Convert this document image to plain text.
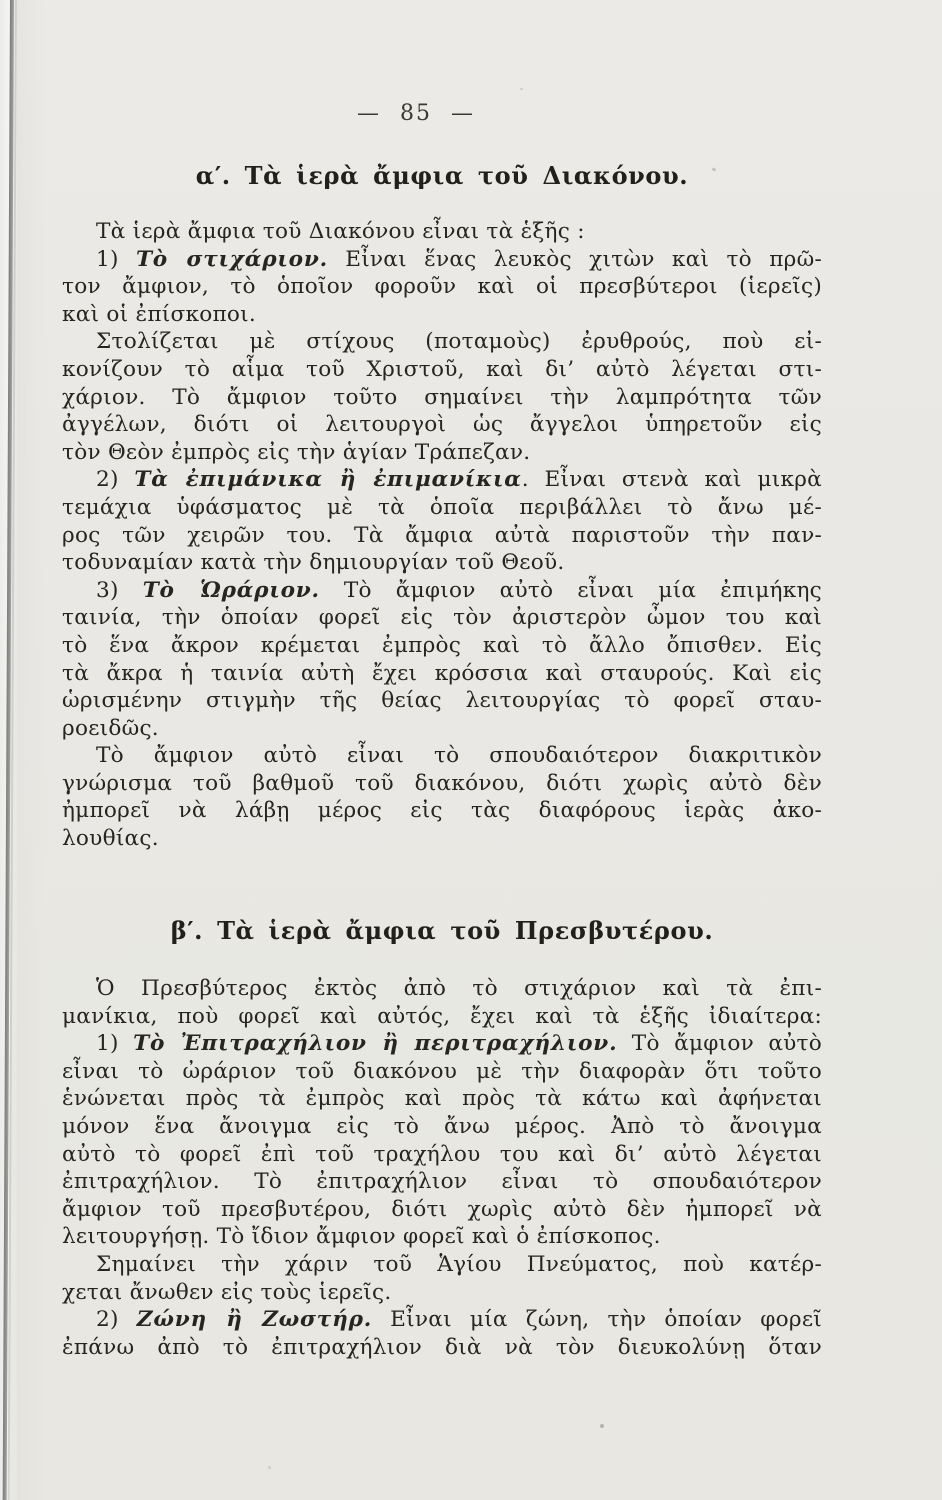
— 85 —
α′. Τὰ ἱερὰ ἄμφια τοῦ Διακόνου.
Τὰ ἱερὰ ἄμφια τοῦ Διακόνου εἶναι τὰ ἑξῆς :
1) Τὸ στιχάριον. Εἶναι ἕνας λευκὸς χιτὼν καὶ τὸ πρῶ-
τον ἄμφιον, τὸ ὁποῖον φοροῦν καὶ οἱ πρεσβύτεροι (ἱερεῖς)
καὶ οἱ ἐπίσκοποι.
Στολίζεται μὲ στίχους (ποταμοὺς) ἐρυθρούς, ποὺ εἰ-
κονίζουν τὸ αἷμα τοῦ Χριστοῦ, καὶ δι’ αὐτὸ λέγεται στι-
χάριον. Τὸ ἄμφιον τοῦτο σημαίνει τὴν λαμπρότητα τῶν
ἀγγέλων, διότι οἱ λειτουργοὶ ὡς ἄγγελοι ὑπηρετοῦν εἰς
τὸν Θεὸν ἐμπρὸς εἰς τὴν ἁγίαν Τράπεζαν.
2) Τὰ ἐπιμάνικα ἢ ἐπιμανίκια. Εἶναι στενὰ καὶ μικρὰ
τεμάχια ὑφάσματος μὲ τὰ ὁποῖα περιβάλλει τὸ ἄνω μέ-
ρος τῶν χειρῶν του. Τὰ ἄμφια αὐτὰ παριστοῦν τὴν παν-
τοδυναμίαν κατὰ τὴν δημιουργίαν τοῦ Θεοῦ.
3) Τὸ Ὡράριον. Τὸ ἄμφιον αὐτὸ εἶναι μία ἐπιμήκης
ταινία, τὴν ὁποίαν φορεῖ εἰς τὸν ἀριστερὸν ὦμον του καὶ
τὸ ἕνα ἄκρον κρέμεται ἐμπρὸς καὶ τὸ ἄλλο ὄπισθεν. Εἰς
τὰ ἄκρα ἡ ταινία αὐτὴ ἔχει κρόσσια καὶ σταυρούς. Καὶ εἰς
ὡρισμένην στιγμὴν τῆς θείας λειτουργίας τὸ φορεῖ σταυ-
ροειδῶς.
Τὸ ἄμφιον αὐτὸ εἶναι τὸ σπουδαιότερον διακριτικὸν
γνώρισμα τοῦ βαθμοῦ τοῦ διακόνου, διότι χωρὶς αὐτὸ δὲν
ἠμπορεῖ νὰ λάβῃ μέρος εἰς τὰς διαφόρους ἱερὰς ἀκο-
λουθίας.
β′. Τὰ ἱερὰ ἄμφια τοῦ Πρεσβυτέρου.
Ὁ Πρεσβύτερος ἐκτὸς ἀπὸ τὸ στιχάριον καὶ τὰ ἐπι-
μανίκια, ποὺ φορεῖ καὶ αὐτός, ἔχει καὶ τὰ ἑξῆς ἰδιαίτερα:
1) Τὸ Ἐπιτραχήλιον ἢ περιτραχήλιον. Τὸ ἄμφιον αὐτὸ
εἶναι τὸ ὠράριον τοῦ διακόνου μὲ τὴν διαφορὰν ὅτι τοῦτο
ἑνώνεται πρὸς τὰ ἐμπρὸς καὶ πρὸς τὰ κάτω καὶ ἀφήνεται
μόνον ἕνα ἄνοιγμα εἰς τὸ ἄνω μέρος. Ἀπὸ τὸ ἄνοιγμα
αὐτὸ τὸ φορεῖ ἐπὶ τοῦ τραχήλου του καὶ δι’ αὐτὸ λέγεται
ἐπιτραχήλιον. Τὸ ἐπιτραχήλιον εἶναι τὸ σπουδαιότερον
ἄμφιον τοῦ πρεσβυτέρου, διότι χωρὶς αὐτὸ δὲν ἠμπορεῖ νὰ
λειτουργήσῃ. Τὸ ἴδιον ἄμφιον φορεῖ καὶ ὁ ἐπίσκοπος.
Σημαίνει τὴν χάριν τοῦ Ἁγίου Πνεύματος, ποὺ κατέρ-
χεται ἄνωθεν εἰς τοὺς ἱερεῖς.
2) Ζώνη ἢ Ζωστήρ. Εἶναι μία ζώνη, τὴν ὁποίαν φορεῖ
ἐπάνω ἀπὸ τὸ ἐπιτραχήλιον διὰ νὰ τὸν διευκολύνῃ ὅταν
